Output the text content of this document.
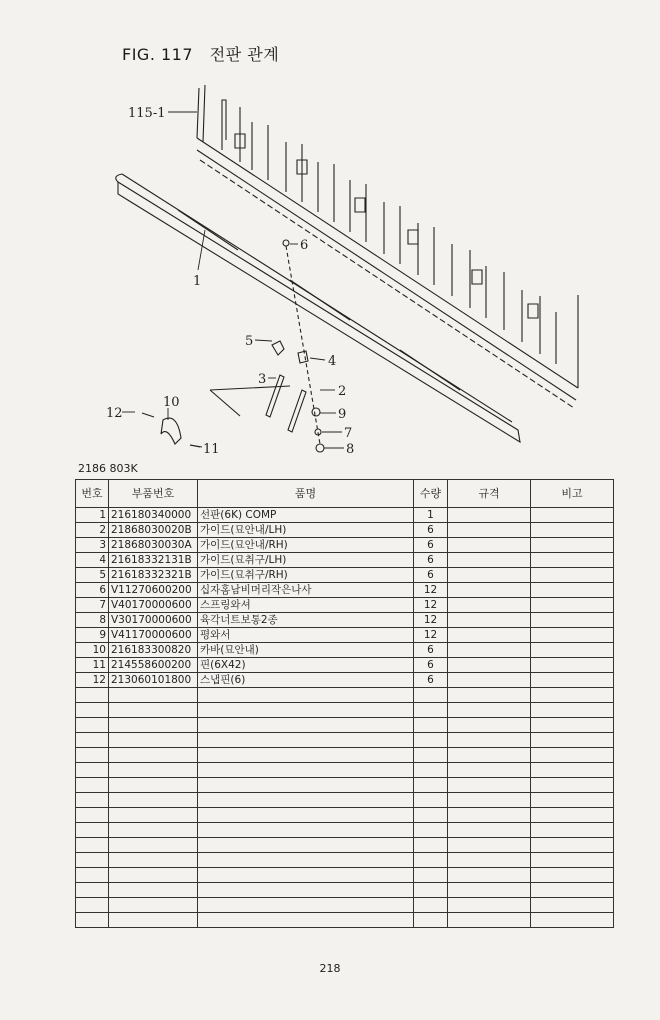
FIG. 117 전판 관계
115-1
1
6
5
4
3
2
9
7
8
10
12
11
2186 803K
번호	부품번호	품명	수량	규격	비고
1	216180340000	선판(6K) COMP	1		
2	21868030020B	가이드(묘안내/LH)	6		
3	21868030030A	가이드(묘안내/RH)	6		
4	21618332131B	가이드(묘취구/LH)	6		
5	21618332321B	가이드(묘취구/RH)	6		
6	V11270600200	십자홈남비머리작은나사	12		
7	V40170000600	스프링와셔	12		
8	V30170000600	육각너트보통2종	12		
9	V41170000600	평와서	12		
10	216183300820	카바(묘안내)	6		
11	214558600200	핀(6X42)	6		
12	213060101800	스냅핀(6)	6		

218
